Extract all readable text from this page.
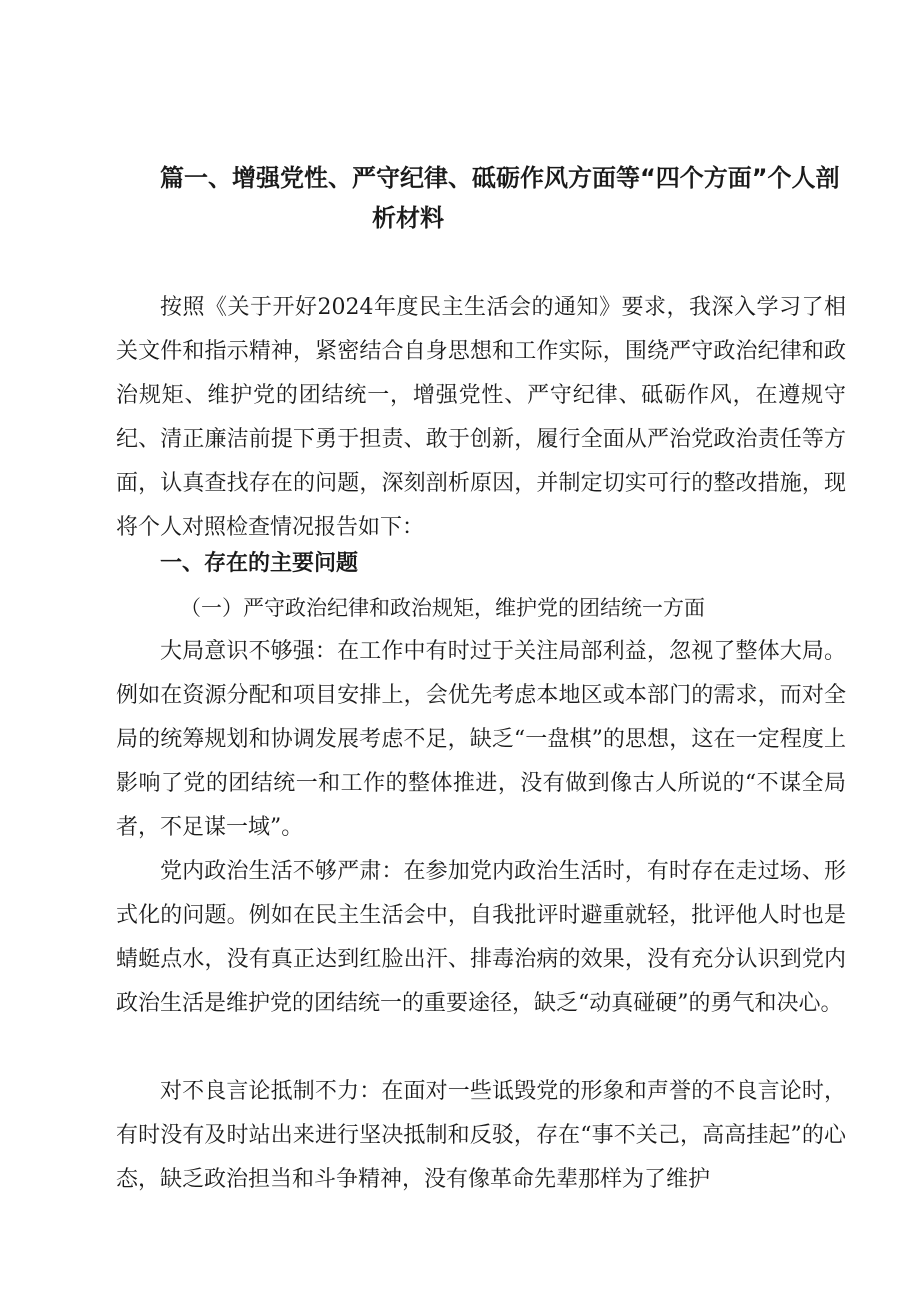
篇一、增强党性、严守纪律、砥砺作风方面等“四个方面”个人剖
析材料

按照《关于开好2024年度民主生活会的通知》要求，我深入学习了相关文件和指示精神，紧密结合自身思想和工作实际，围绕严守政治纪律和政治规矩、维护党的团结统一，增强党性、严守纪律、砥砺作风，在遵规守纪、清正廉洁前提下勇于担责、敢于创新，履行全面从严治党政治责任等方面，认真查找存在的问题，深刻剖析原因，并制定切实可行的整改措施，现将个人对照检查情况报告如下：

一、存在的主要问题
（一）严守政治纪律和政治规矩，维护党的团结统一方面

大局意识不够强：在工作中有时过于关注局部利益，忽视了整体大局。例如在资源分配和项目安排上，会优先考虑本地区或本部门的需求，而对全局的统筹规划和协调发展考虑不足，缺乏“一盘棋”的思想，这在一定程度上影响了党的团结统一和工作的整体推进，没有做到像古人所说的“不谋全局者，不足谋一域”。

党内政治生活不够严肃：在参加党内政治生活时，有时存在走过场、形式化的问题。例如在民主生活会中，自我批评时避重就轻，批评他人时也是蜻蜓点水，没有真正达到红脸出汗、排毒治病的效果，没有充分认识到党内政治生活是维护党的团结统一的重要途径，缺乏“动真碰硬”的勇气和决心。

对不良言论抵制不力：在面对一些诋毁党的形象和声誉的不良言论时，有时没有及时站出来进行坚决抵制和反驳，存在“事不关己，高高挂起”的心态，缺乏政治担当和斗争精神，没有像革命先辈那样为了维护
